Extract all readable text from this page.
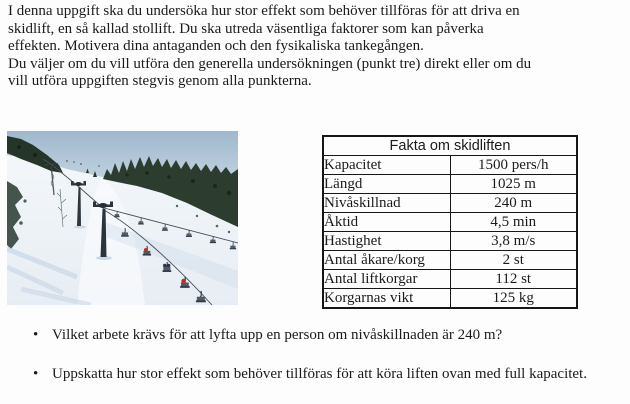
I denna uppgift ska du undersöka hur stor effekt som behöver tillföras för att driva en
skidlift, en så kallad stollift. Du ska utreda väsentliga faktorer som kan påverka
effekten. Motivera dina antaganden och den fysikaliska tankegången.
Du väljer om du vill utföra den generella undersökningen (punkt tre) direkt eller om du
vill utföra uppgiften stegvis genom alla punkterna.
Fakta om skidliften	
Kapacitet	1500 pers/h
Längd	1025 m
Nivåskillnad	240 m
Åktid	4,5 min
Hastighet	3,8 m/s
Antal åkare/korg	2 st
Antal liftkorgar	112 st
Korgarnas vikt	125 kg
• Vilket arbete krävs för att lyfta upp en person om nivåskillnaden är 240 m?
• Uppskatta hur stor effekt som behöver tillföras för att köra liften ovan med full kapacitet.
